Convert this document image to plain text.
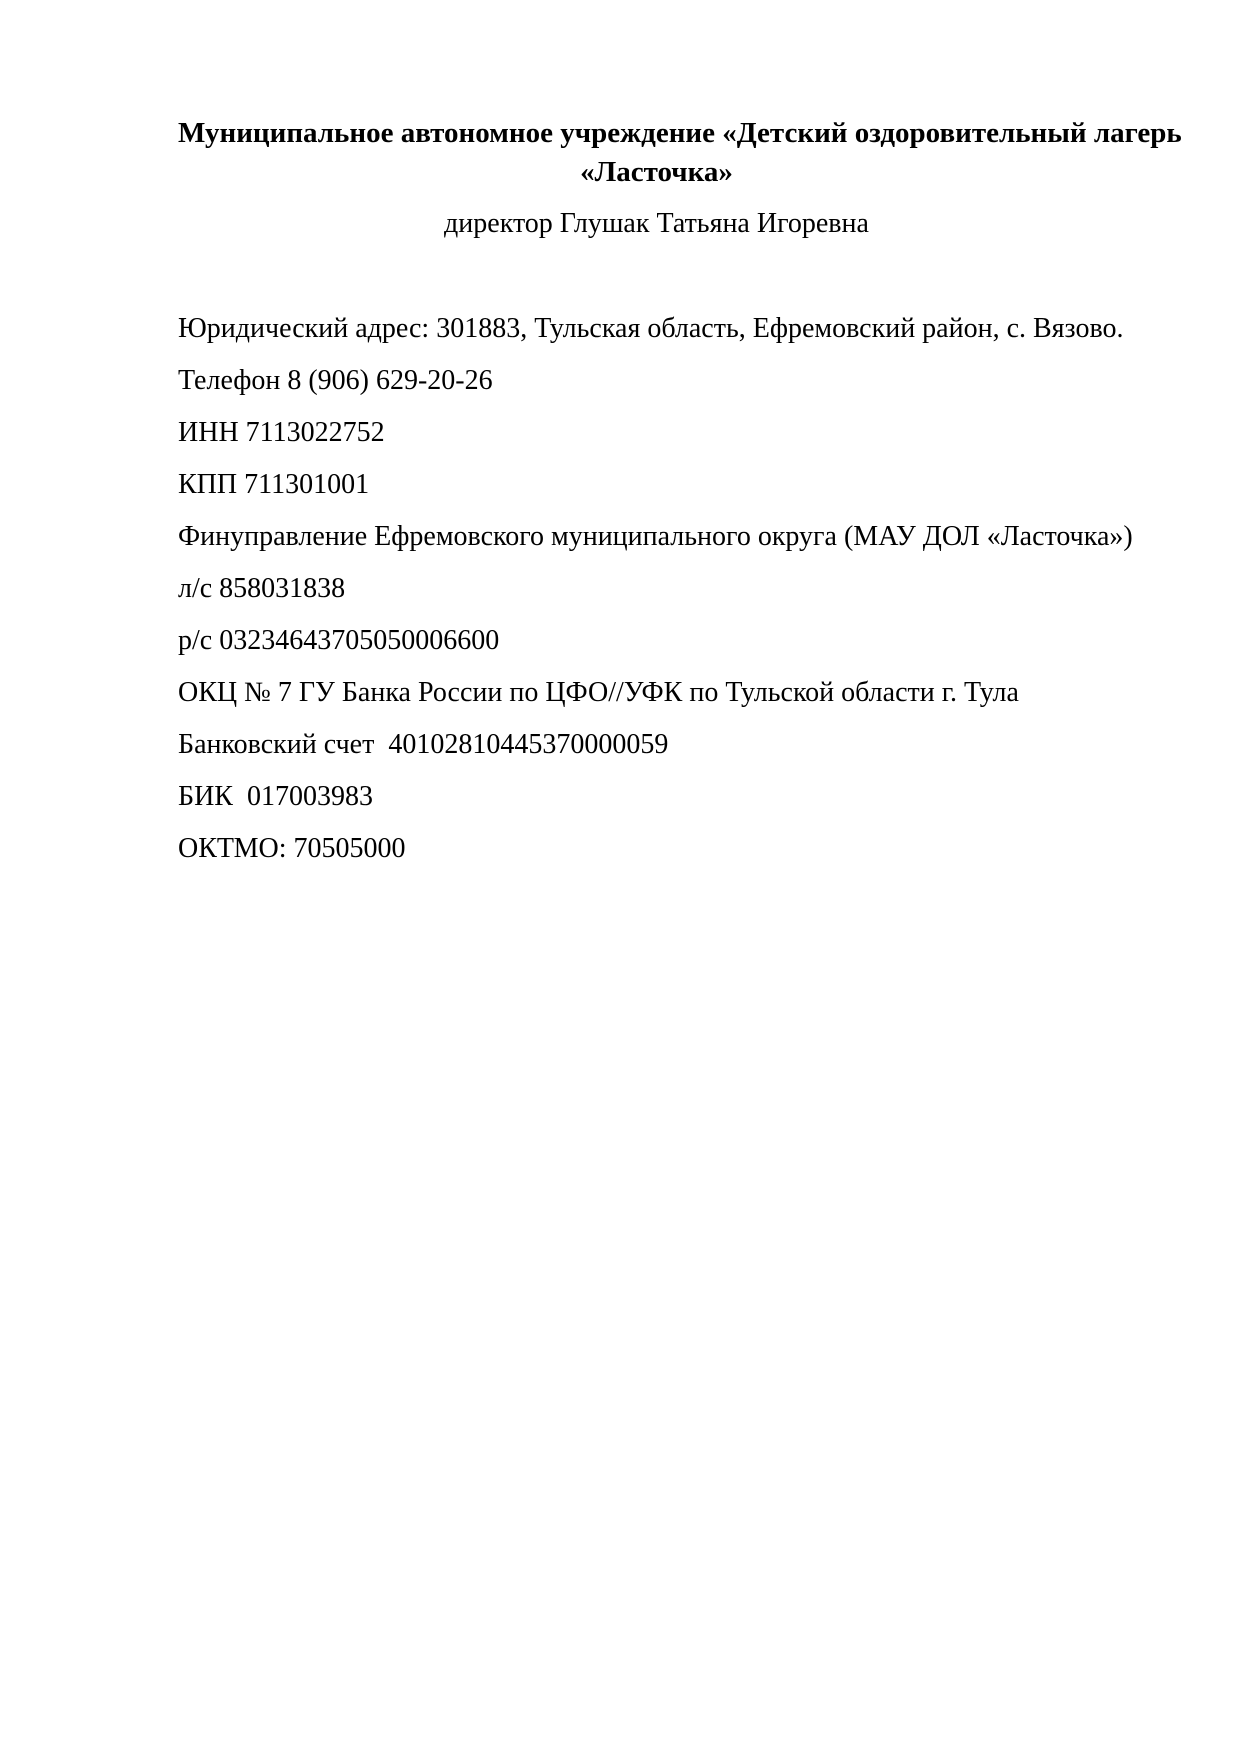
Муниципальное автономное учреждение «Детский оздоровительный лагерь
«Ласточка»

директор Глушак Татьяна Игоревна

Юридический адрес: 301883, Тульская область, Ефремовский район, с. Вязово.

Телефон 8 (906) 629-20-26

ИНН 7113022752

КПП 711301001

Финуправление Ефремовского муниципального округа (МАУ ДОЛ «Ласточка»)

л/с 858031838

р/с 03234643705050006600

ОКЦ № 7 ГУ Банка России по ЦФО//УФК по Тульской области г. Тула

Банковский счет  40102810445370000059

БИК  017003983

ОКТМО: 70505000
